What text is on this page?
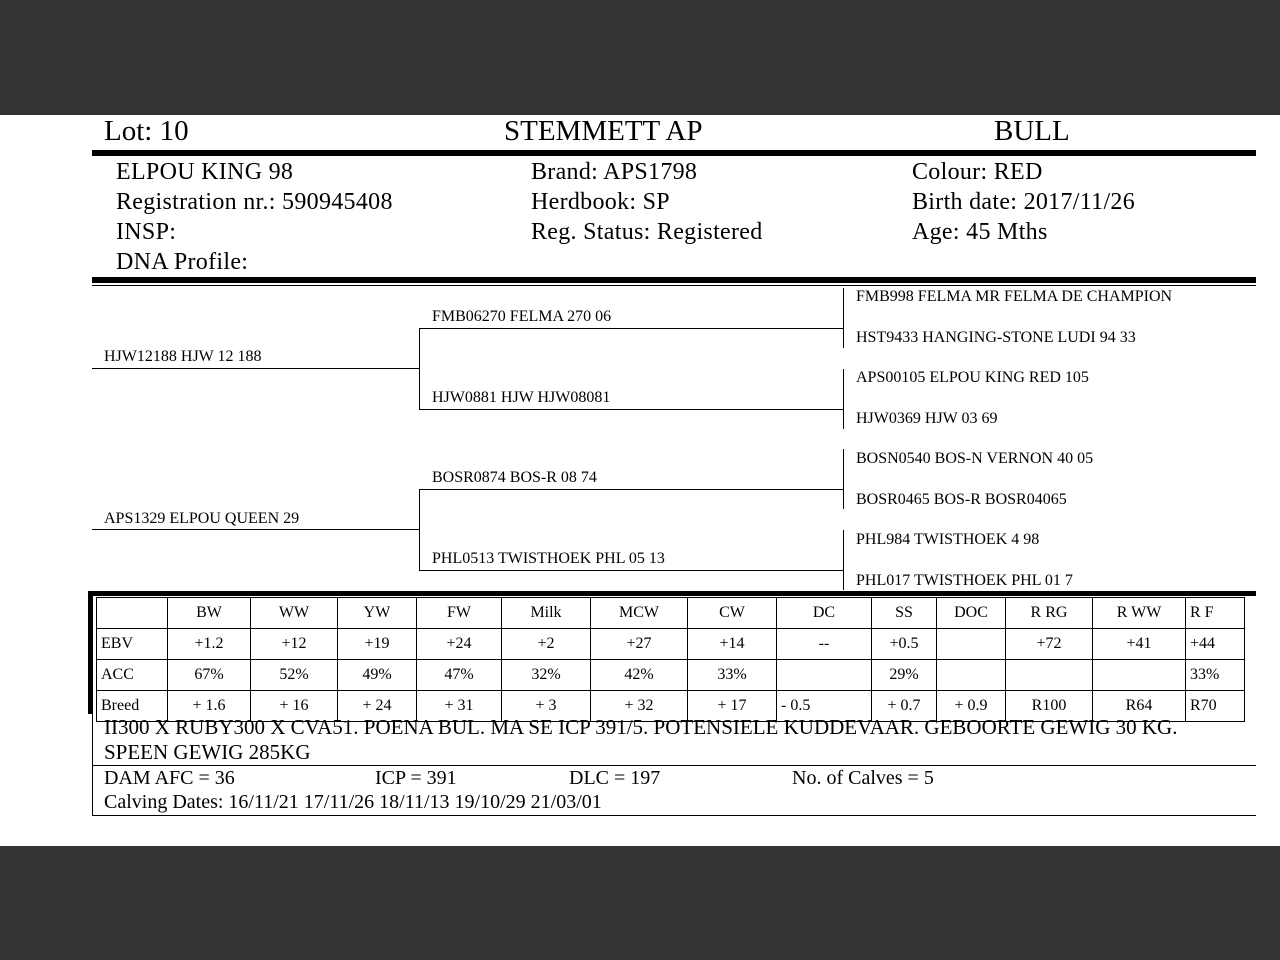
Lot: 10	STEMMETT AP	BULL
ELPOU KING 98
Registration nr.: 590945408
INSP:
DNA Profile:
Brand: APS1798
Herdbook: SP
Reg. Status: Registered
Colour: RED
Birth date: 2017/11/26
Age: 45 Mths
HJW12188 HJW 12 188
APS1329 ELPOU QUEEN 29
FMB06270 FELMA 270 06
HJW0881 HJW HJW08081
BOSR0874 BOS-R 08 74
PHL0513 TWISTHOEK PHL 05 13
FMB998 FELMA MR FELMA DE CHAMPION
HST9433 HANGING-STONE LUDI 94 33
APS00105 ELPOU KING RED 105
HJW0369 HJW 03 69
BOSN0540 BOS-N VERNON 40 05
BOSR0465 BOS-R BOSR04065
PHL984 TWISTHOEK 4 98
PHL017 TWISTHOEK PHL 01 7
	BW	WW	YW	FW	Milk	MCW	CW	DC	SS	DOC	R RG	R WW	R F
EBV	+1.2	+12	+19	+24	+2	+27	+14	--	+0.5		+72	+41	+44
ACC	67%	52%	49%	47%	32%	42%	33%		29%				33%
Breed	+ 1.6	+ 16	+ 24	+ 31	+ 3	+ 32	+ 17	- 0.5	+ 0.7	+ 0.9	R100	R64	R70
II300 X RUBY300 X CVA51. POENA BUL. MA SE ICP 391/5. POTENSIELE KUDDEVAAR. GEBOORTE GEWIG 30 KG. SPEEN GEWIG 285KG
DAM AFC = 36	ICP = 391	DLC = 197	No. of Calves = 5
Calving Dates: 16/11/21 17/11/26 18/11/13 19/10/29 21/03/01
